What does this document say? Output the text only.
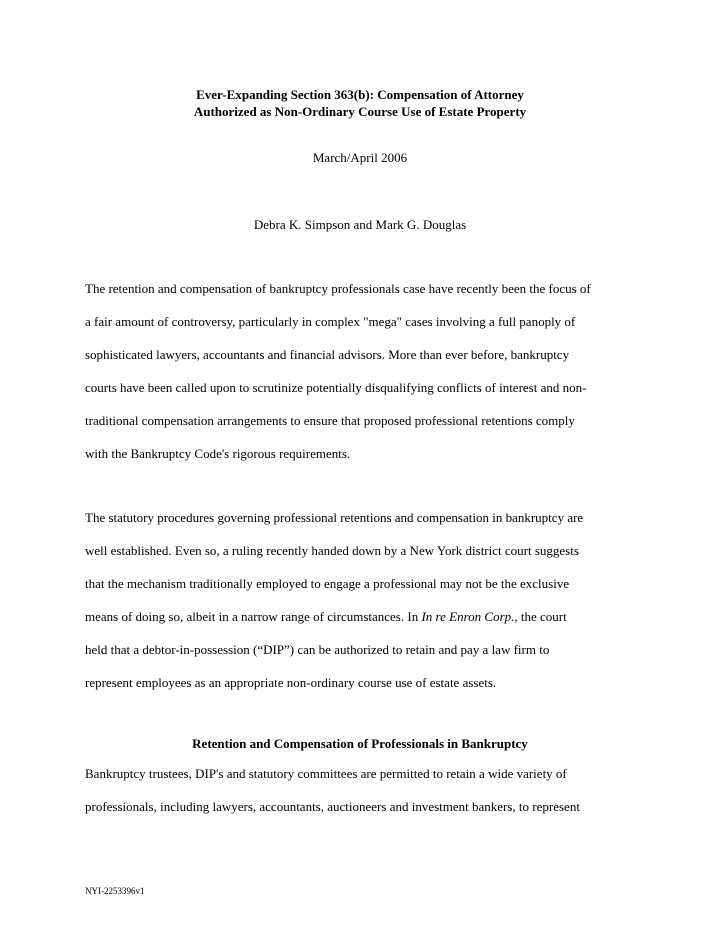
Ever-Expanding Section 363(b): Compensation of Attorney
Authorized as Non-Ordinary Course Use of Estate Property
March/April 2006
Debra K. Simpson and Mark G. Douglas
The retention and compensation of bankruptcy professionals case have recently been the focus of
a fair amount of controversy, particularly in complex "mega" cases involving a full panoply of
sophisticated lawyers, accountants and financial advisors. More than ever before, bankruptcy
courts have been called upon to scrutinize potentially disqualifying conflicts of interest and non-
traditional compensation arrangements to ensure that proposed professional retentions comply
with the Bankruptcy Code's rigorous requirements.
The statutory procedures governing professional retentions and compensation in bankruptcy are
well established. Even so, a ruling recently handed down by a New York district court suggests
that the mechanism traditionally employed to engage a professional may not be the exclusive
means of doing so, albeit in a narrow range of circumstances. In In re Enron Corp., the court
held that a debtor-in-possession (“DIP”) can be authorized to retain and pay a law firm to
represent employees as an appropriate non-ordinary course use of estate assets.
Retention and Compensation of Professionals in Bankruptcy
Bankruptcy trustees, DIP's and statutory committees are permitted to retain a wide variety of
professionals, including lawyers, accountants, auctioneers and investment bankers, to represent
NYI-2253396v1
